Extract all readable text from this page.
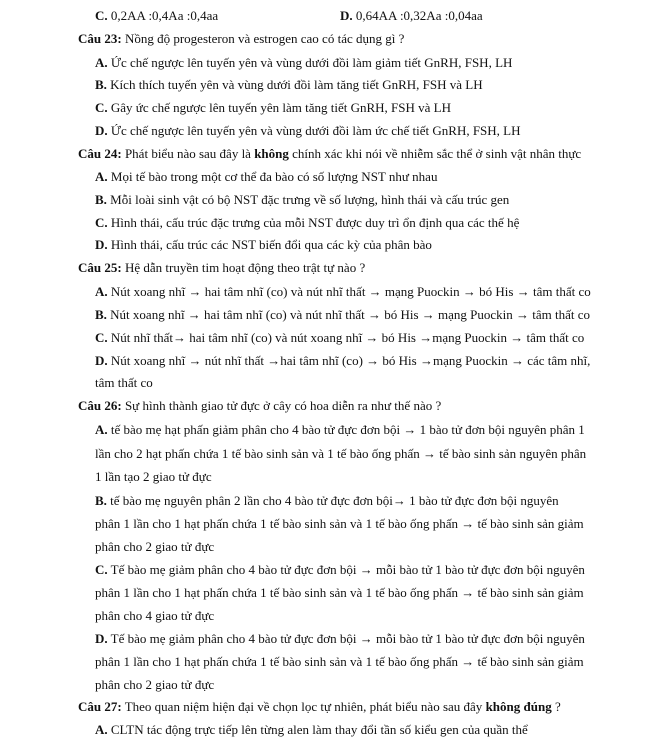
C. 0,2AA :0,4Aa :0,4aa	D. 0,64AA :0,32Aa :0,04aa
Câu 23: Nồng độ progesteron và estrogen cao có tác dụng gì ?
A. Ức chế ngược lên tuyến yên và vùng dưới đồi làm giảm tiết GnRH, FSH, LH
B. Kích thích tuyến yên và vùng dưới đồi làm tăng tiết GnRH, FSH và LH
C. Gây ức chế ngược lên tuyến yên làm tăng tiết GnRH, FSH và LH
D. Ức chế ngược lên tuyến yên và vùng dưới đồi làm ức chế tiết GnRH, FSH, LH
Câu 24: Phát biểu nào sau đây là không chính xác khi nói về nhiễm sắc thể ở sinh vật nhân thực
A. Mọi tế bào trong một cơ thể đa bào có số lượng NST như nhau
B. Mỗi loài sinh vật có bộ NST đặc trưng về số lượng, hình thái và cấu trúc gen
C. Hình thái, cấu trúc đặc trưng của mỗi NST được duy trì ổn định qua các thế hệ
D. Hình thái, cấu trúc các NST biến đổi qua các kỳ của phân bào
Câu 25: Hệ dẫn truyền tim hoạt động theo trật tự nào ?
A. Nút xoang nhĩ → hai tâm nhĩ (co) và nút nhĩ thất → mạng Puockin → bó His → tâm thất co
B. Nút xoang nhĩ → hai tâm nhĩ (co) và nút nhĩ thất → bó His → mạng Puockin → tâm thất co
C. Nút nhĩ thất→ hai tâm nhĩ (co) và nút xoang nhĩ → bó His →mạng Puockin → tâm thất co
D. Nút xoang nhĩ → nút nhĩ thất →hai tâm nhĩ (co) → bó His →mạng Puockin → các tâm nhĩ,
tâm thất co
Câu 26: Sự hình thành giao tử đực ở cây có hoa diễn ra như thế nào ?
A. tế bào mẹ hạt phấn giảm phân cho 4 bào tử đực đơn bội → 1 bào tử đơn bội nguyên phân 1
lần cho 2 hạt phấn chứa 1 tế bào sinh sản và 1 tế bào ống phấn → tế bào sinh sản nguyên phân
1 lần tạo 2 giao tử đực
B. tế bào mẹ nguyên phân 2 lần cho 4 bào tử đực đơn bội→ 1 bào tử đực đơn bội nguyên
phân 1 lần cho 1 hạt phấn chứa 1 tế bào sinh sản và 1 tế bào ống phấn → tế bào sinh sản giảm
phân cho 2 giao tử đực
C. Tế bào mẹ giảm phân cho 4 bào tử đực đơn bội → mỗi bào tử 1 bào tử đực đơn bội nguyên
phân 1 lần cho 1 hạt phấn chứa 1 tế bào sinh sản và 1 tế bào ống phấn → tế bào sinh sản giảm
phân cho 4 giao tử đực
D. Tế bào mẹ giảm phân cho 4 bào tử đực đơn bội → mỗi bào tử 1 bào tử đực đơn bội nguyên
phân 1 lần cho 1 hạt phấn chứa 1 tế bào sinh sản và 1 tế bào ống phấn → tế bào sinh sản giảm
phân cho 2 giao tử đực
Câu 27: Theo quan niệm hiện đại về chọn lọc tự nhiên, phát biểu nào sau đây không đúng ?
A. CLTN tác động trực tiếp lên từng alen làm thay đổi tần số kiểu gen của quần thể
